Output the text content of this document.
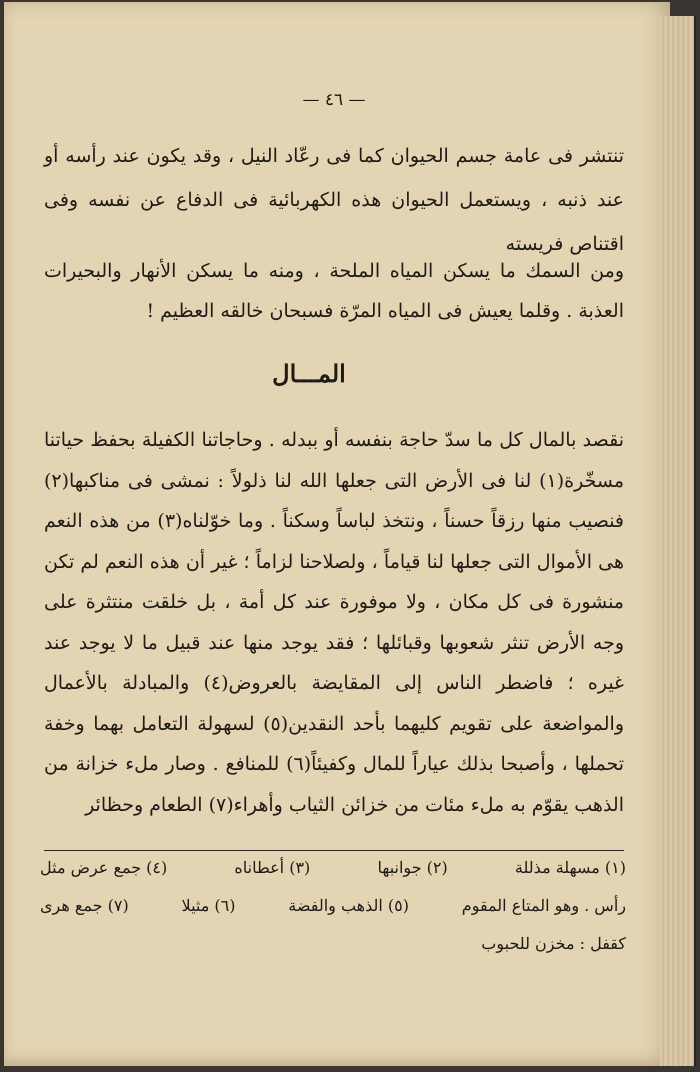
— ٤٦ —

تنتشر فى عامة جسم الحيوان كما فى رعّاد النيل ، وقد يكون عند رأسه أو عند ذنبه ، ويستعمل الحيوان هذه الكهربائية فى الدفاع عن نفسه وفى اقتناص فريسته

ومن السمك ما يسكن المياه الملحة ، ومنه ما يسكن الأنهار والبحيرات العذبة . وقلما يعيش فى المياه المرّة فسبحان خالقه العظيم !

المـــال

نقصد بالمال كل ما سدّ حاجة بنفسه أو ببدله . وحاجاتنا الكفيلة بحفظ حياتنا مسخّرة(١) لنا فى الأرض التى جعلها الله لنا ذلولاً : نمشى فى مناكبها(٢) فنصيب منها رزقاً حسناً ، ونتخذ لباساً وسكناً . وما خوّلناه(٣) من هذه النعم هى الأموال التى جعلها لنا قياماً ، ولصلاحنا لزاماً ؛ غير أن هذه النعم لم تكن منشورة فى كل مكان ، ولا موفورة عند كل أمة ، بل خلقت منتثرة على وجه الأرض تنثر شعوبها وقبائلها ؛ فقد يوجد منها عند قبيل ما لا يوجد عند غيره ؛ فاضطر الناس إلى المقايضة بالعروض(٤) والمبادلة بالأعمال والمواضعة على تقويم كليهما بأحد النقدين(٥) لسهولة التعامل بهما وخفة تحملها ، وأصبحا بذلك عياراً للمال وكفيئاً(٦) للمنافع . وصار ملء خزانة من الذهب يقوّم به ملء مئات من خزائن الثياب وأهراء(٧) الطعام وحظائر

(١) مسهلة مذللة
(٢) جوانبها
(٣) أعطاناه
(٤) جمع عرض مثل
رأس . وهو المتاع المقوم
(٥) الذهب والفضة
(٦) مثيلا
(٧) جمع هرى
كقفل : مخزن للحبوب
